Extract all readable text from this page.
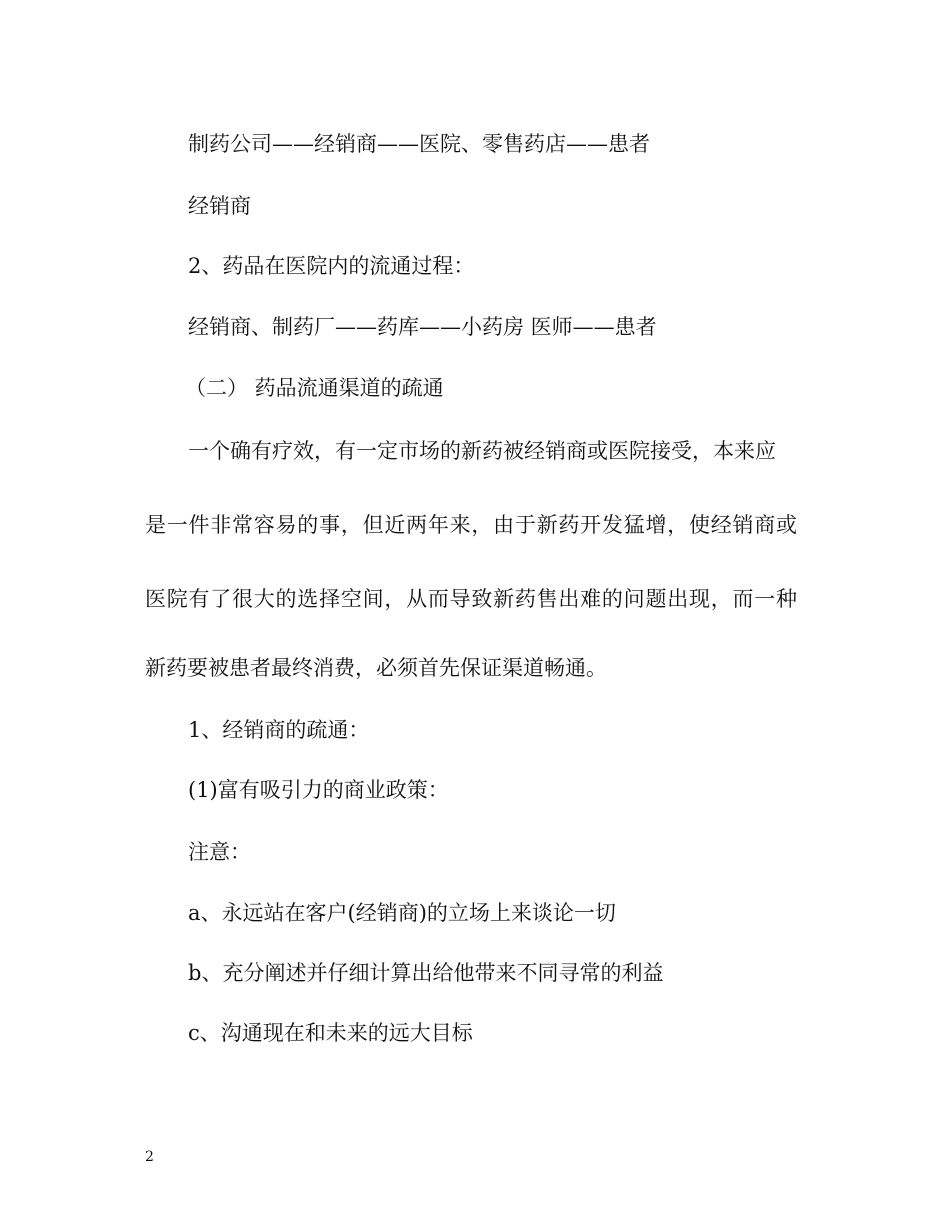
制药公司——经销商——医院、零售药店——患者
经销商
2、药品在医院内的流通过程：
经销商、制药厂——药库——小药房 医师——患者
（二） 药品流通渠道的疏通
一个确有疗效，有一定市场的新药被经销商或医院接受，本来应
是一件非常容易的事，但近两年来，由于新药开发猛增，使经销商或
医院有了很大的选择空间，从而导致新药售出难的问题出现，而一种
新药要被患者最终消费，必须首先保证渠道畅通。
1、经销商的疏通：
(1)富有吸引力的商业政策：
注意：
a、永远站在客户(经销商)的立场上来谈论一切
b、充分阐述并仔细计算出给他带来不同寻常的利益
c、沟通现在和未来的远大目标
2
